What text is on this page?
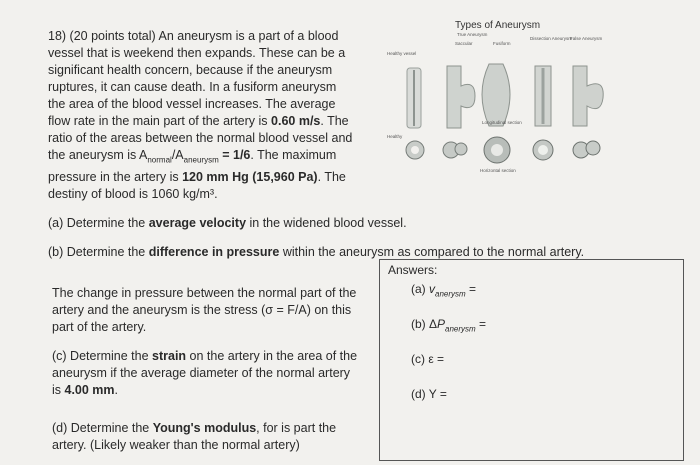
18) (20 points total) An aneurysm is a part of a blood
vessel that is weekend then expands. These can be a
significant health concern, because if the aneurysm
ruptures, it can cause death. In a fusiform aneurysm
the area of the blood vessel increases. The average
flow rate in the main part of the artery is 0.60 m/s. The
ratio of the areas between the normal blood vessel and
the aneurysm is $A_{normal}/A_{aneurysm} = 1/6$. The maximum
pressure in the artery is 120 mm Hg (15,960 Pa). The
destiny of blood is 1060 kg/m³.
Types of Aneurysm
True Aneurysm
Saccular	Fusiform
Dissection Aneurysm
False Aneurysm
Healthy vessel
Longitudinal section
Healthy
Horizontal section
(a) Determine the average velocity in the widened blood vessel.
(b) Determine the difference in pressure within the aneurysm as compared to the normal artery.
The change in pressure between the normal part of the
artery and the aneurysm is the stress (σ = F/A) on this
part of the artery.
(c) Determine the strain on the artery in the area of the
aneurysm if the average diameter of the normal artery
is 4.00 mm.
(d) Determine the Young's modulus, for is part the
artery. (Likely weaker than the normal artery)
Answers:
(a) $v_{anerysm}$ =
(b) $\Delta P_{anerysm}$ =
(c) ε =
(d) Y =
